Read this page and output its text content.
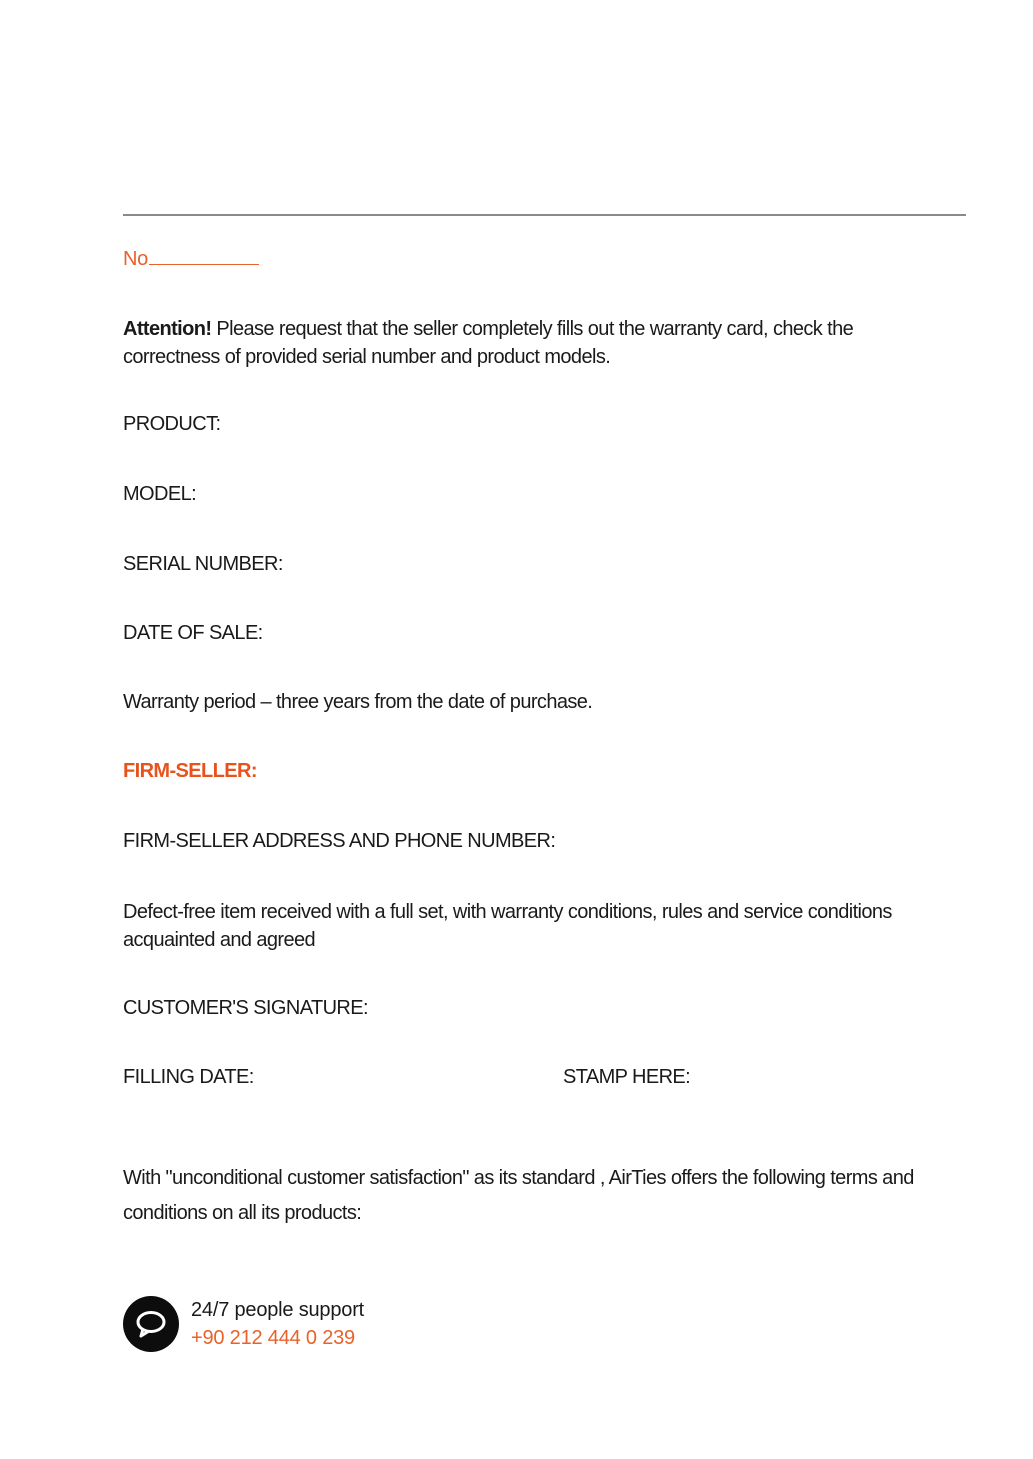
No
Attention! Please request that the seller completely fills out the warranty card, check the correctness of provided serial number and product models.
PRODUCT:
MODEL:
SERIAL NUMBER:
DATE OF SALE:
Warranty period – three years from the date of purchase.
FIRM-SELLER:
FIRM-SELLER ADDRESS AND PHONE NUMBER:
Defect-free item received with a full set, with warranty conditions, rules and service conditions acquainted and agreed
CUSTOMER'S SIGNATURE:
FILLING DATE:	STAMP HERE:
With "unconditional customer satisfaction" as its standard , AirTies offers the following terms and conditions on all its products:
24/7 people support
+90 212 444 0 239
